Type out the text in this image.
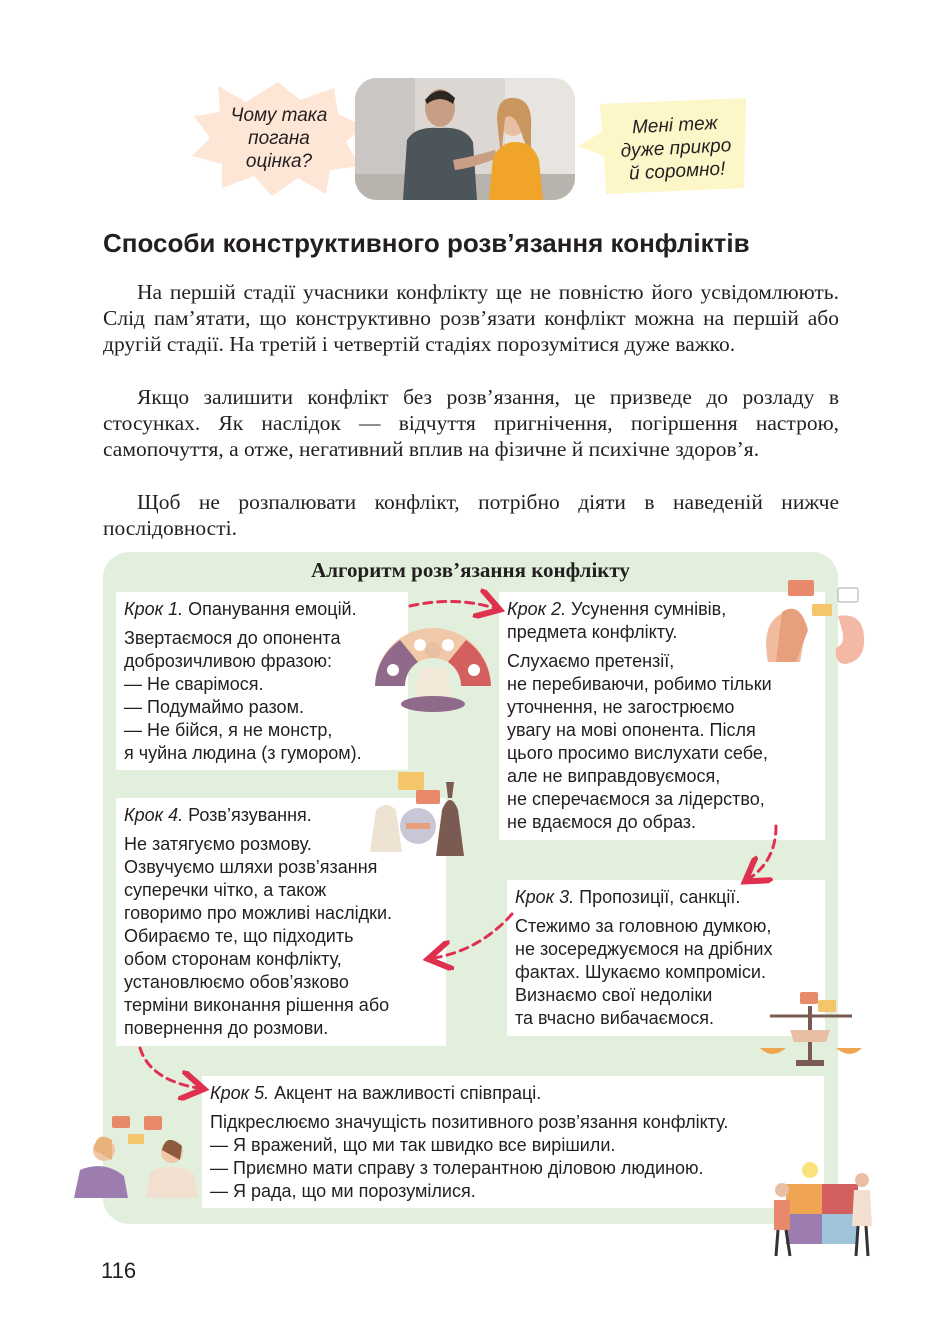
Чому така
погана
оцінка?
Мені теж
дуже прикро
й соромно!
Способи конструктивного розв’язання конфліктів

На першій стадії учасники конфлікту ще не повністю його усвідомлюють. Слід пам’ятати, що конструктивно розв’язати конфлікт можна на першій або другій стадії. На третій і четвертій стадіях порозумітися дуже важко.

Якщо залишити конфлікт без розв’язання, це призведе до розладу в стосунках. Як наслідок — відчуття пригнічення, погіршення настрою, самопочуття, а отже, негативний вплив на фізичне й психічне здоров’я.

Щоб не розпалювати конфлікт, потрібно діяти в наведеній нижче послідовності.

Алгоритм розв’язання конфлікту
Крок 1. Опанування емоцій.
Звертаємося до опонента
доброзичливою фразою:
— Не сварімося.
— Подумаймо разом.
— Не бійся, я не монстр,
я чуйна людина (з гумором).
Крок 2. Усунення сумнівів,
предмета конфлікту.
Слухаємо претензії,
не перебиваючи, робимо тільки
уточнення, не загострюємо
увагу на мові опонента. Після
цього просимо вислухати себе,
але не виправдовуємося,
не сперечаємося за лідерство,
не вдаємося до образ.
Крок 4. Розв’язування.
Не затягуємо розмову.
Озвучуємо шляхи розв’язання
суперечки чітко, а також
говоримо про можливі наслідки.
Обираємо те, що підходить
обом сторонам конфлікту,
установлюємо обов’язково
терміни виконання рішення або
повернення до розмови.
Крок 3. Пропозиції, санкції.
Стежимо за головною думкою,
не зосереджуємося на дрібних
фактах. Шукаємо компроміси.
Визнаємо свої недоліки
та вчасно вибачаємося.
Крок 5. Акцент на важливості співпраці.
Підкреслюємо значущість позитивного розв’язання конфлікту.
— Я вражений, що ми так швидко все вирішили.
— Приємно мати справу з толерантною діловою людиною.
— Я рада, що ми порозумілися.
116
